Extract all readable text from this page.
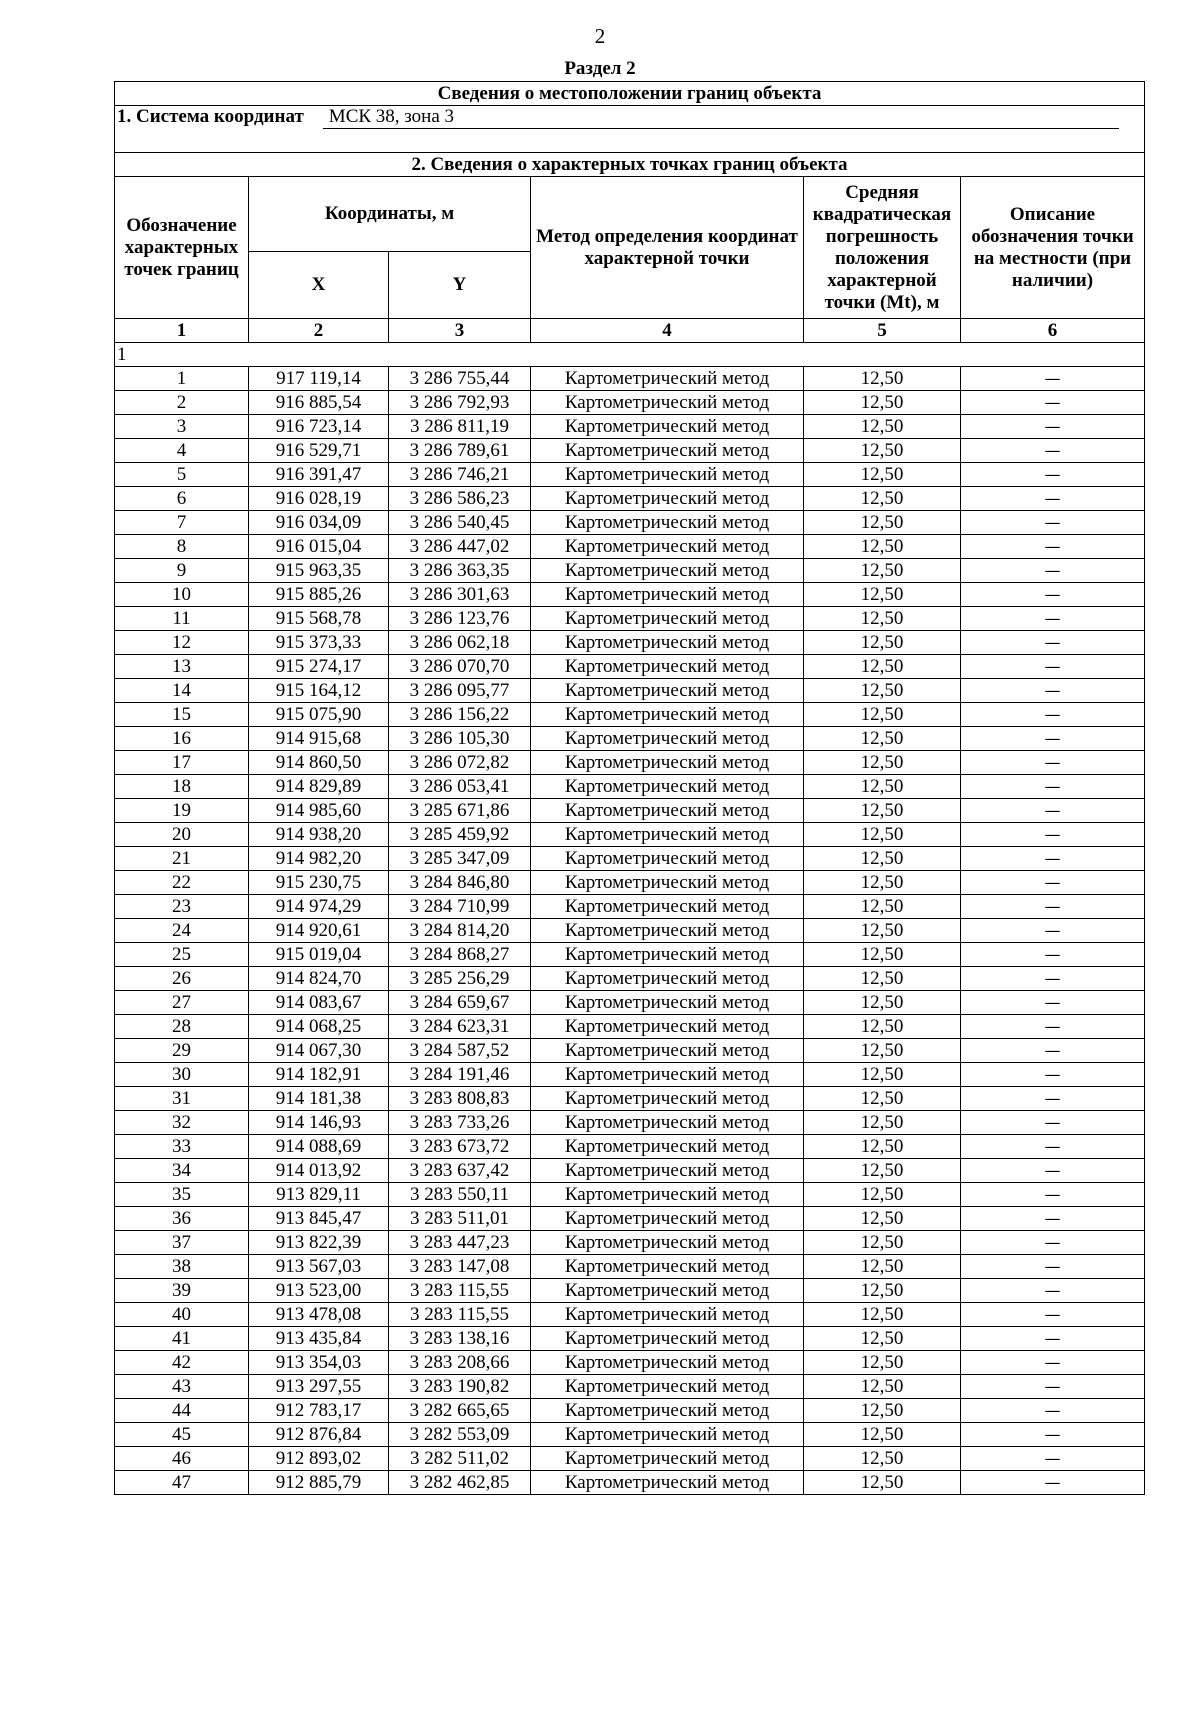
2
Раздел 2
Сведения о местоположении границ объекта					
1. Система координат МСК 38, зона 3					

2. Сведения о характерных точках границ объекта					
Обозначение характерных точек границ	Координаты, м		Метод определения координат характерной точки	Средняя квадратическая погрешность положения характерной точки (Mt), м	Описание обозначения точки на местности (при наличии)
	X	Y			
1	2	3	4	5	6
1					
1	917 119,14	3 286 755,44	Картометрический метод	12,50	—
2	916 885,54	3 286 792,93	Картометрический метод	12,50	—
3	916 723,14	3 286 811,19	Картометрический метод	12,50	—
4	916 529,71	3 286 789,61	Картометрический метод	12,50	—
5	916 391,47	3 286 746,21	Картометрический метод	12,50	—
6	916 028,19	3 286 586,23	Картометрический метод	12,50	—
7	916 034,09	3 286 540,45	Картометрический метод	12,50	—
8	916 015,04	3 286 447,02	Картометрический метод	12,50	—
9	915 963,35	3 286 363,35	Картометрический метод	12,50	—
10	915 885,26	3 286 301,63	Картометрический метод	12,50	—
11	915 568,78	3 286 123,76	Картометрический метод	12,50	—
12	915 373,33	3 286 062,18	Картометрический метод	12,50	—
13	915 274,17	3 286 070,70	Картометрический метод	12,50	—
14	915 164,12	3 286 095,77	Картометрический метод	12,50	—
15	915 075,90	3 286 156,22	Картометрический метод	12,50	—
16	914 915,68	3 286 105,30	Картометрический метод	12,50	—
17	914 860,50	3 286 072,82	Картометрический метод	12,50	—
18	914 829,89	3 286 053,41	Картометрический метод	12,50	—
19	914 985,60	3 285 671,86	Картометрический метод	12,50	—
20	914 938,20	3 285 459,92	Картометрический метод	12,50	—
21	914 982,20	3 285 347,09	Картометрический метод	12,50	—
22	915 230,75	3 284 846,80	Картометрический метод	12,50	—
23	914 974,29	3 284 710,99	Картометрический метод	12,50	—
24	914 920,61	3 284 814,20	Картометрический метод	12,50	—
25	915 019,04	3 284 868,27	Картометрический метод	12,50	—
26	914 824,70	3 285 256,29	Картометрический метод	12,50	—
27	914 083,67	3 284 659,67	Картометрический метод	12,50	—
28	914 068,25	3 284 623,31	Картометрический метод	12,50	—
29	914 067,30	3 284 587,52	Картометрический метод	12,50	—
30	914 182,91	3 284 191,46	Картометрический метод	12,50	—
31	914 181,38	3 283 808,83	Картометрический метод	12,50	—
32	914 146,93	3 283 733,26	Картометрический метод	12,50	—
33	914 088,69	3 283 673,72	Картометрический метод	12,50	—
34	914 013,92	3 283 637,42	Картометрический метод	12,50	—
35	913 829,11	3 283 550,11	Картометрический метод	12,50	—
36	913 845,47	3 283 511,01	Картометрический метод	12,50	—
37	913 822,39	3 283 447,23	Картометрический метод	12,50	—
38	913 567,03	3 283 147,08	Картометрический метод	12,50	—
39	913 523,00	3 283 115,55	Картометрический метод	12,50	—
40	913 478,08	3 283 115,55	Картометрический метод	12,50	—
41	913 435,84	3 283 138,16	Картометрический метод	12,50	—
42	913 354,03	3 283 208,66	Картометрический метод	12,50	—
43	913 297,55	3 283 190,82	Картометрический метод	12,50	—
44	912 783,17	3 282 665,65	Картометрический метод	12,50	—
45	912 876,84	3 282 553,09	Картометрический метод	12,50	—
46	912 893,02	3 282 511,02	Картометрический метод	12,50	—
47	912 885,79	3 282 462,85	Картометрический метод	12,50	—
